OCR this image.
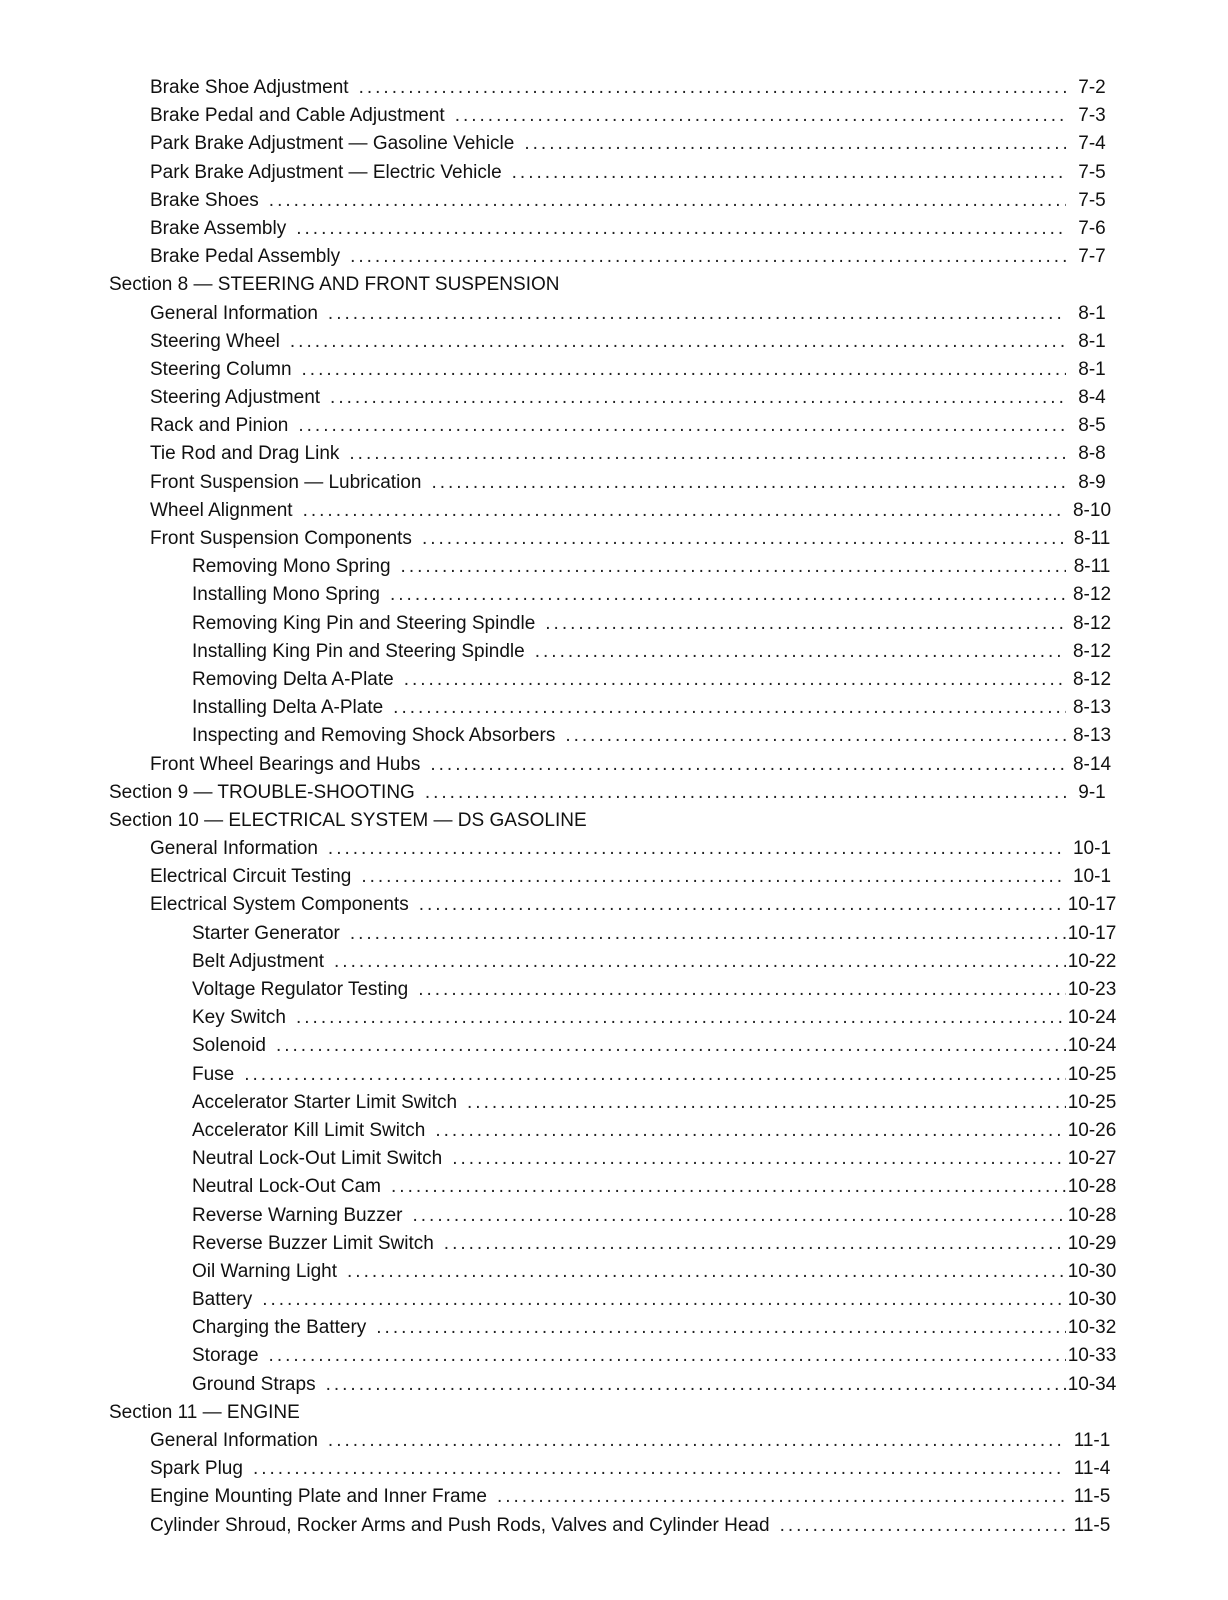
Brake Shoe Adjustment .....	7-2
Brake Pedal and Cable Adjustment .....	7-3
Park Brake Adjustment — Gasoline Vehicle .....	7-4
Park Brake Adjustment — Electric Vehicle .....	7-5
Brake Shoes .....	7-5
Brake Assembly .....	7-6
Brake Pedal Assembly .....	7-7
Section 8 — STEERING AND FRONT SUSPENSION
General Information .....	8-1
Steering Wheel .....	8-1
Steering Column .....	8-1
Steering Adjustment .....	8-4
Rack and Pinion .....	8-5
Tie Rod and Drag Link .....	8-8
Front Suspension — Lubrication .....	8-9
Wheel Alignment .....	8-10
Front Suspension Components .....	8-11
Removing Mono Spring .....	8-11
Installing Mono Spring .....	8-12
Removing King Pin and Steering Spindle .....	8-12
Installing King Pin and Steering Spindle .....	8-12
Removing Delta A-Plate .....	8-12
Installing Delta A-Plate .....	8-13
Inspecting and Removing Shock Absorbers .....	8-13
Front Wheel Bearings and Hubs .....	8-14
Section 9 — TROUBLE-SHOOTING .....	9-1
Section 10 — ELECTRICAL SYSTEM — DS GASOLINE
General Information .....	10-1
Electrical Circuit Testing .....	10-1
Electrical System Components .....	10-17
Starter Generator .....	10-17
Belt Adjustment .....	10-22
Voltage Regulator Testing .....	10-23
Key Switch .....	10-24
Solenoid .....	10-24
Fuse .....	10-25
Accelerator Starter Limit Switch .....	10-25
Accelerator Kill Limit Switch .....	10-26
Neutral Lock-Out Limit Switch .....	10-27
Neutral Lock-Out Cam .....	10-28
Reverse Warning Buzzer .....	10-28
Reverse Buzzer Limit Switch .....	10-29
Oil Warning Light .....	10-30
Battery .....	10-30
Charging the Battery .....	10-32
Storage .....	10-33
Ground Straps .....	10-34
Section 11 — ENGINE
General Information .....	11-1
Spark Plug .....	11-4
Engine Mounting Plate and Inner Frame .....	11-5
Cylinder Shroud, Rocker Arms and Push Rods, Valves and Cylinder Head .....	11-5
